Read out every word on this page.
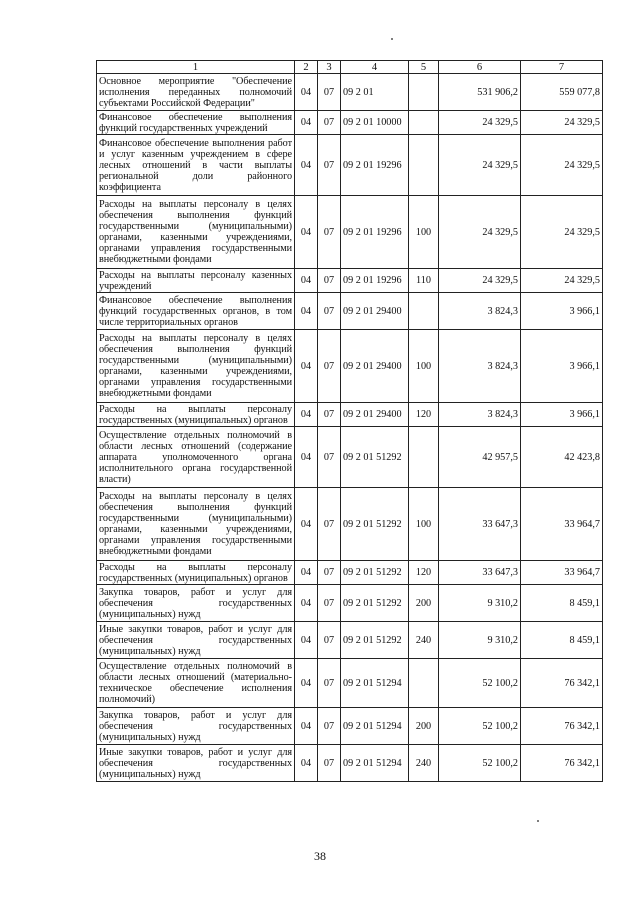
1	2	3	4	5	6	7
Основное мероприятие "Обеспечение исполнения переданных полномочий субъектами Российской Федерации"	04	07	09 2 01		531 906,2	559 077,8
Финансовое обеспечение выполнения функций государственных учреждений	04	07	09 2 01 10000		24 329,5	24 329,5
Финансовое обеспечение выполнения работ и услуг казенным учреждением в сфере лесных отношений в части выплаты региональной доли районного коэффициента	04	07	09 2 01 19296		24 329,5	24 329,5
Расходы на выплаты персоналу в целях обеспечения выполнения функций государственными (муниципальными) органами, казенными учреждениями, органами управления государственными внебюджетными фондами	04	07	09 2 01 19296	100	24 329,5	24 329,5
Расходы на выплаты персоналу казенных учреждений	04	07	09 2 01 19296	110	24 329,5	24 329,5
Финансовое обеспечение выполнения функций государственных органов, в том числе территориальных органов	04	07	09 2 01 29400		3 824,3	3 966,1
Расходы на выплаты персоналу в целях обеспечения выполнения функций государственными (муниципальными) органами, казенными учреждениями, органами управления государственными внебюджетными фондами	04	07	09 2 01 29400	100	3 824,3	3 966,1
Расходы на выплаты персоналу государственных (муниципальных) органов	04	07	09 2 01 29400	120	3 824,3	3 966,1
Осуществление отдельных полномочий в области лесных отношений (содержание аппарата уполномоченного органа исполнительного органа государственной власти)	04	07	09 2 01 51292		42 957,5	42 423,8
Расходы на выплаты персоналу в целях обеспечения выполнения функций государственными (муниципальными) органами, казенными учреждениями, органами управления государственными внебюджетными фондами	04	07	09 2 01 51292	100	33 647,3	33 964,7
Расходы на выплаты персоналу государственных (муниципальных) органов	04	07	09 2 01 51292	120	33 647,3	33 964,7
Закупка товаров, работ и услуг для обеспечения государственных (муниципальных) нужд	04	07	09 2 01 51292	200	9 310,2	8 459,1
Иные закупки товаров, работ и услуг для обеспечения государственных (муниципальных) нужд	04	07	09 2 01 51292	240	9 310,2	8 459,1
Осуществление отдельных полномочий в области лесных отношений (материально-техническое обеспечение исполнения полномочий)	04	07	09 2 01 51294		52 100,2	76 342,1
Закупка товаров, работ и услуг для обеспечения государственных (муниципальных) нужд	04	07	09 2 01 51294	200	52 100,2	76 342,1
Иные закупки товаров, работ и услуг для обеспечения государственных (муниципальных) нужд	04	07	09 2 01 51294	240	52 100,2	76 342,1
38
